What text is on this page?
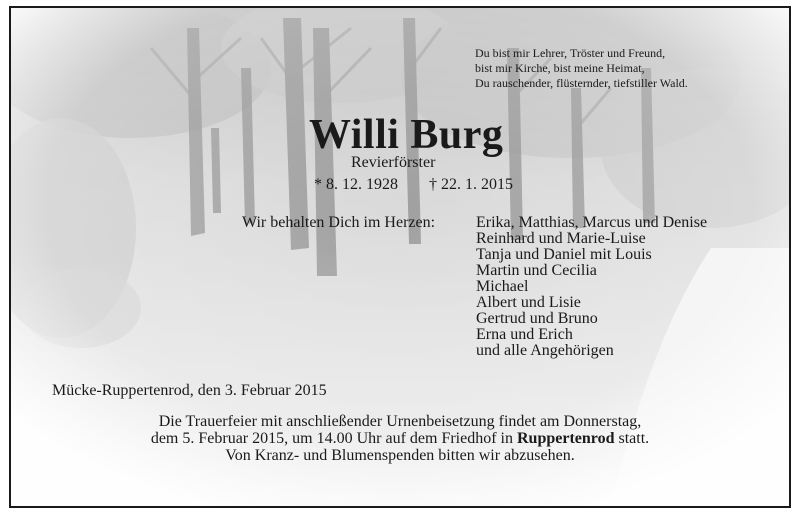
Du bist mir Lehrer, Tröster und Freund,
bist mir Kirche, bist meine Heimat,
Du rauschender, flüsternder, tiefstiller Wald.
Willi Burg
Revierförster
* 8. 12. 1928 † 22. 1. 2015
Wir behalten Dich im Herzen:	Erika, Matthias, Marcus und Denise
Reinhard und Marie-Luise
Tanja und Daniel mit Louis
Martin und Cecilia
Michael
Albert und Lisie
Gertrud und Bruno
Erna und Erich
und alle Angehörigen
Mücke-Ruppertenrod, den 3. Februar 2015
Die Trauerfeier mit anschließender Urnenbeisetzung findet am Donnerstag,
dem 5. Februar 2015, um 14.00 Uhr auf dem Friedhof in Ruppertenrod statt.
Von Kranz- und Blumenspenden bitten wir abzusehen.
